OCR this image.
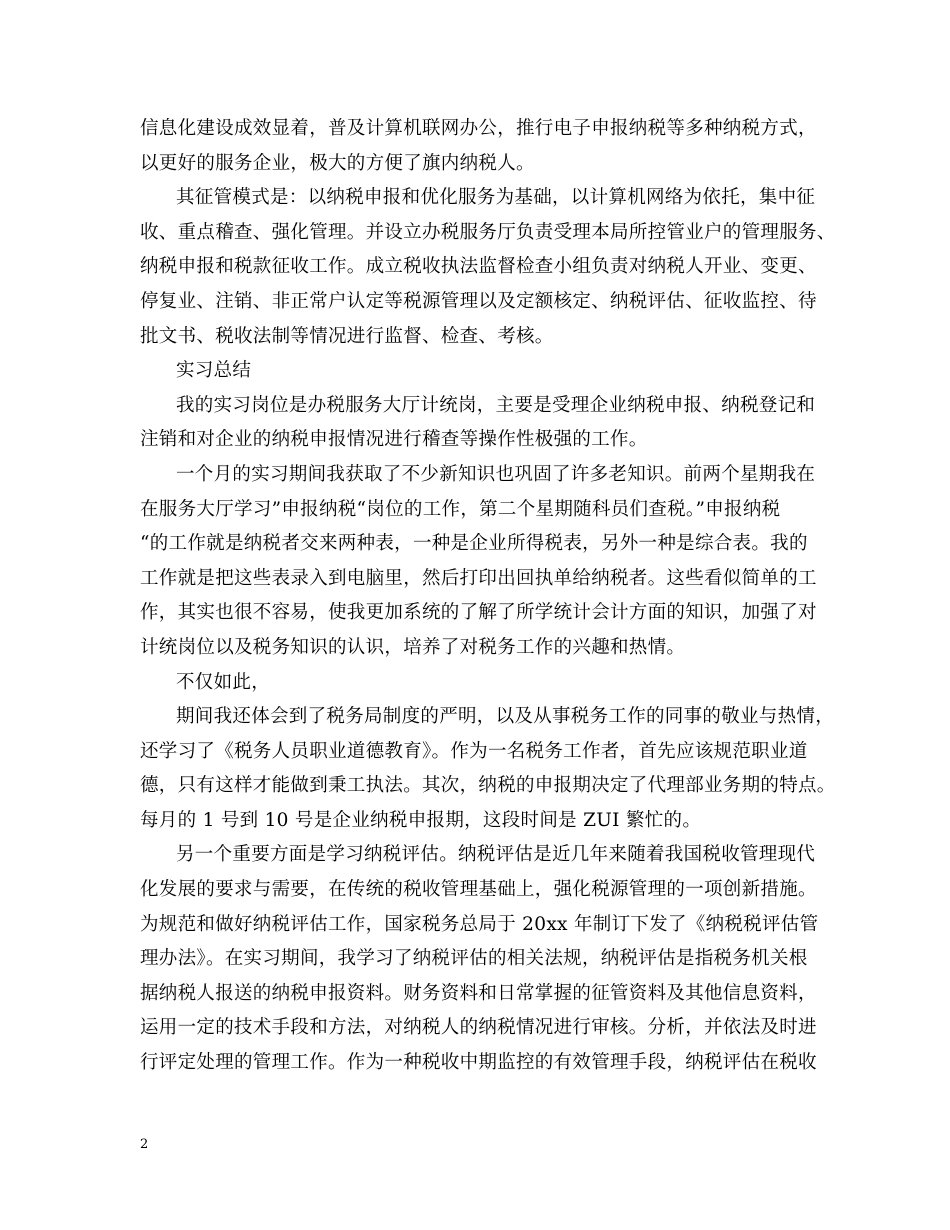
信息化建设成效显着，普及计算机联网办公，推行电子申报纳税等多种纳税方式，
以更好的服务企业，极大的方便了旗内纳税人。
其征管模式是：以纳税申报和优化服务为基础，以计算机网络为依托，集中征
收、重点稽查、强化管理。并设立办税服务厅负责受理本局所控管业户的管理服务、
纳税申报和税款征收工作。成立税收执法监督检查小组负责对纳税人开业、变更、
停复业、注销、非正常户认定等税源管理以及定额核定、纳税评估、征收监控、待
批文书、税收法制等情况进行监督、检查、考核。
实习总结
我的实习岗位是办税服务大厅计统岗，主要是受理企业纳税申报、纳税登记和
注销和对企业的纳税申报情况进行稽查等操作性极强的工作。
一个月的实习期间我获取了不少新知识也巩固了许多老知识。前两个星期我在
在服务大厅学习”申报纳税“岗位的工作，第二个星期随科员们查税。”申报纳税
“的工作就是纳税者交来两种表，一种是企业所得税表，另外一种是综合表。我的
工作就是把这些表录入到电脑里，然后打印出回执单给纳税者。这些看似简单的工
作，其实也很不容易，使我更加系统的了解了所学统计会计方面的知识，加强了对
计统岗位以及税务知识的认识，培养了对税务工作的兴趣和热情。
不仅如此，
期间我还体会到了税务局制度的严明，以及从事税务工作的同事的敬业与热情，
还学习了《税务人员职业道德教育》。作为一名税务工作者，首先应该规范职业道
德，只有这样才能做到秉工执法。其次，纳税的申报期决定了代理部业务期的特点。
每月的 1 号到 10 号是企业纳税申报期，这段时间是 ZUI 繁忙的。
另一个重要方面是学习纳税评估。纳税评估是近几年来随着我国税收管理现代
化发展的要求与需要，在传统的税收管理基础上，强化税源管理的一项创新措施。
为规范和做好纳税评估工作，国家税务总局于 20xx 年制订下发了《纳税税评估管
理办法》。在实习期间，我学习了纳税评估的相关法规，纳税评估是指税务机关根
据纳税人报送的纳税申报资料。财务资料和日常掌握的征管资料及其他信息资料，
运用一定的技术手段和方法，对纳税人的纳税情况进行审核。分析，并依法及时进
行评定处理的管理工作。作为一种税收中期监控的有效管理手段，纳税评估在税收
2
